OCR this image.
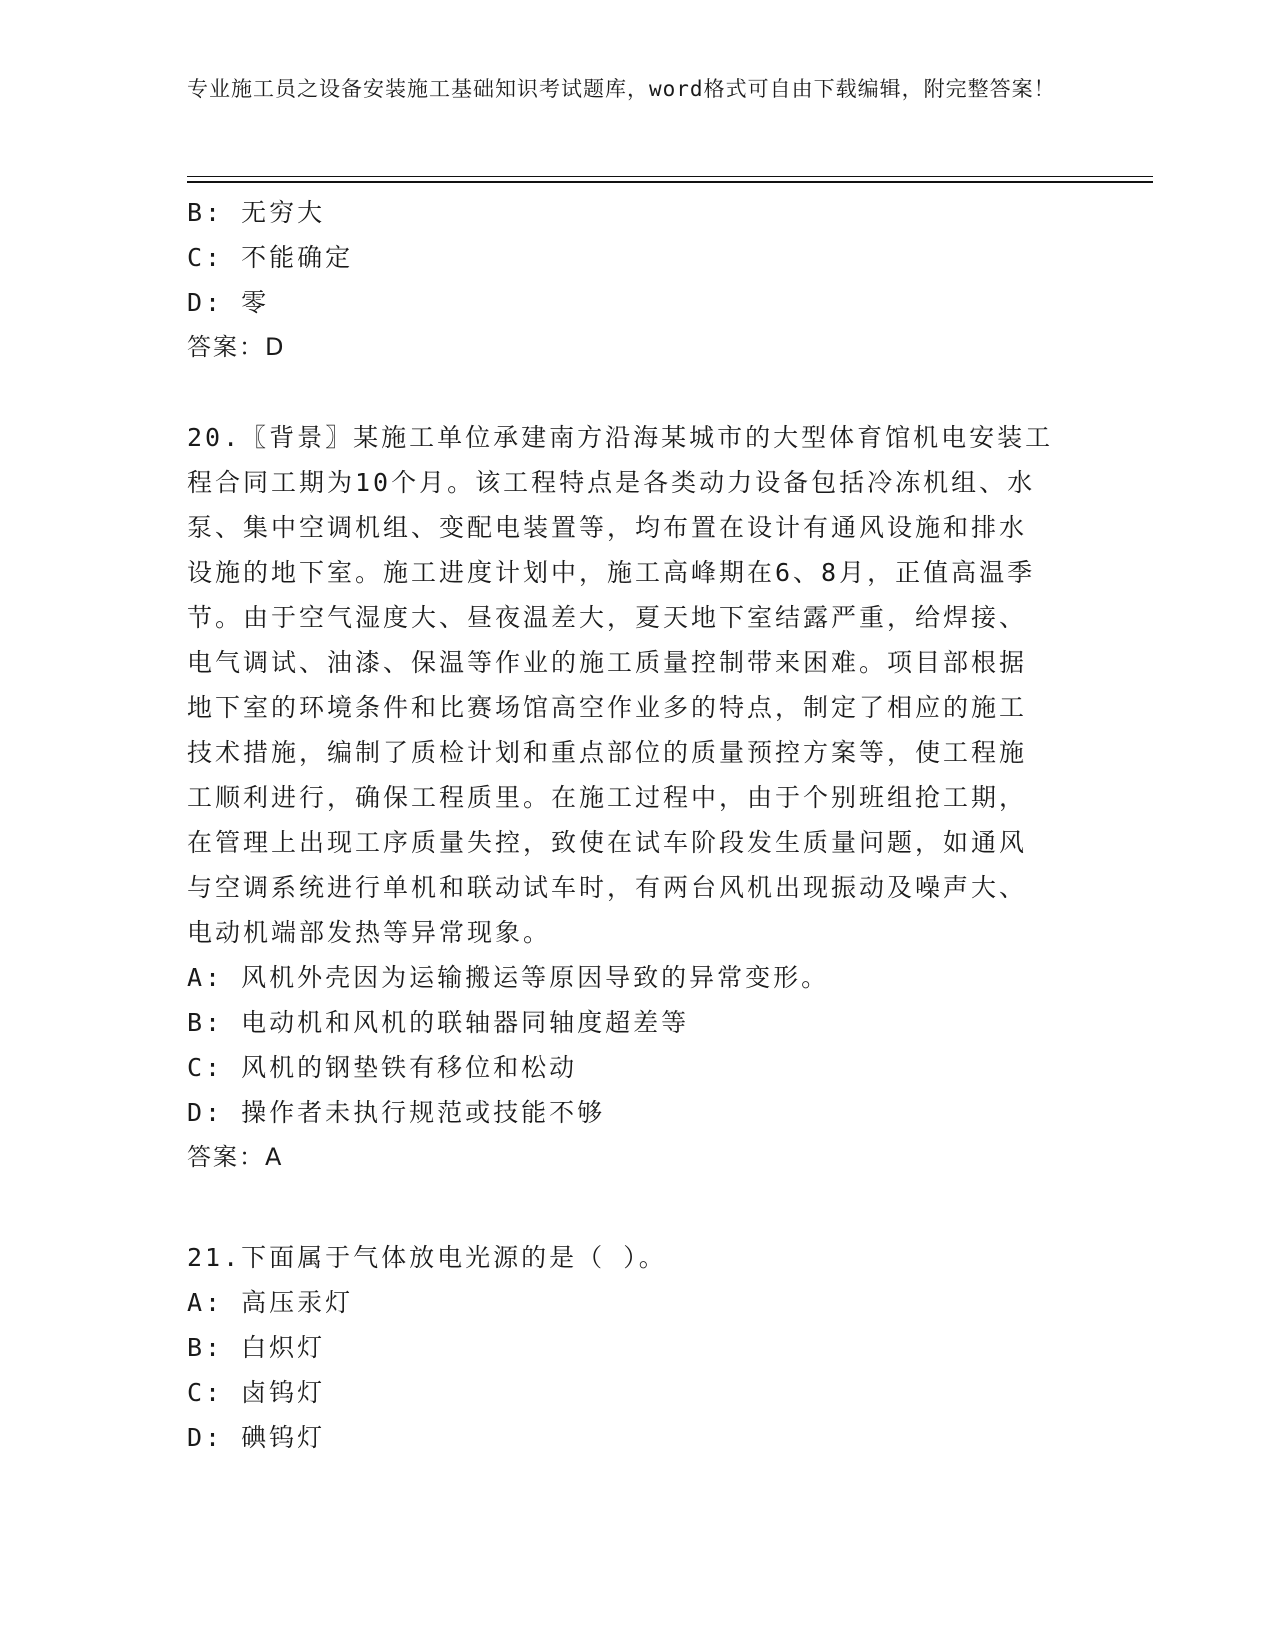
专业施工员之设备安装施工基础知识考试题库，word格式可自由下载编辑，附完整答案！
B: 无穷大
C: 不能确定
D: 零
答案：D
20.〖背景〗某施工单位承建南方沿海某城市的大型体育馆机电安装工
程合同工期为10个月。该工程特点是各类动力设备包括冷冻机组、水
泵、集中空调机组、变配电装置等，均布置在设计有通风设施和排水
设施的地下室。施工进度计划中，施工高峰期在6、8月，正值高温季
节。由于空气湿度大、昼夜温差大，夏天地下室结露严重，给焊接、
电气调试、油漆、保温等作业的施工质量控制带来困难。项目部根据
地下室的环境条件和比赛场馆高空作业多的特点，制定了相应的施工
技术措施，编制了质检计划和重点部位的质量预控方案等，使工程施
工顺利进行，确保工程质里。在施工过程中，由于个别班组抢工期，
在管理上出现工序质量失控，致使在试车阶段发生质量问题，如通风
与空调系统进行单机和联动试车时，有两台风机出现振动及噪声大、
电动机端部发热等异常现象。
A: 风机外壳因为运输搬运等原因导致的异常变形。
B: 电动机和风机的联轴器同轴度超差等
C: 风机的钢垫铁有移位和松动
D: 操作者未执行规范或技能不够
答案：A
21.下面属于气体放电光源的是（ ）。
A: 高压汞灯
B: 白炽灯
C: 卤钨灯
D: 碘钨灯
